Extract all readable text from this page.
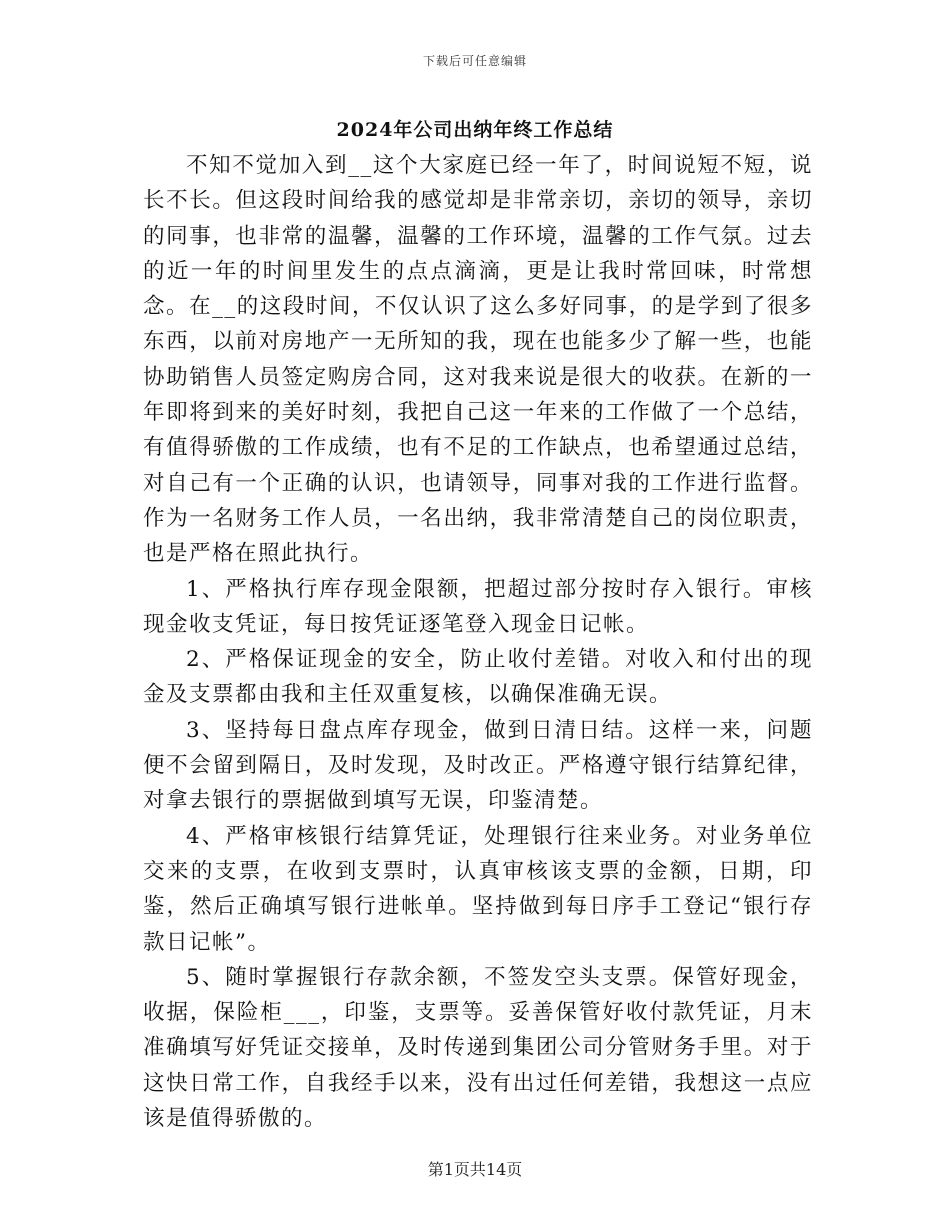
下载后可任意编辑
2024年公司出纳年终工作总结

不知不觉加入到__这个大家庭已经一年了，时间说短不短，说长不长。但这段时间给我的感觉却是非常亲切，亲切的领导，亲切的同事，也非常的温馨，温馨的工作环境，温馨的工作气氛。过去的近一年的时间里发生的点点滴滴，更是让我时常回味，时常想念。在__的这段时间，不仅认识了这么多好同事，的是学到了很多东西，以前对房地产一无所知的我，现在也能多少了解一些，也能协助销售人员签定购房合同，这对我来说是很大的收获。在新的一年即将到来的美好时刻，我把自己这一年来的工作做了一个总结，有值得骄傲的工作成绩，也有不足的工作缺点，也希望通过总结，对自己有一个正确的认识，也请领导，同事对我的工作进行监督。作为一名财务工作人员，一名出纳，我非常清楚自己的岗位职责，也是严格在照此执行。

1、严格执行库存现金限额，把超过部分按时存入银行。审核现金收支凭证，每日按凭证逐笔登入现金日记帐。

2、严格保证现金的安全，防止收付差错。对收入和付出的现金及支票都由我和主任双重复核，以确保准确无误。

3、坚持每日盘点库存现金，做到日清日结。这样一来，问题便不会留到隔日，及时发现，及时改正。严格遵守银行结算纪律，对拿去银行的票据做到填写无误，印鉴清楚。

4、严格审核银行结算凭证，处理银行往来业务。对业务单位交来的支票，在收到支票时，认真审核该支票的金额，日期，印鉴，然后正确填写银行进帐单。坚持做到每日序手工登记“银行存款日记帐”。

5、随时掌握银行存款余额，不签发空头支票。保管好现金，收据，保险柜___，印鉴，支票等。妥善保管好收付款凭证，月末准确填写好凭证交接单，及时传递到集团公司分管财务手里。对于这快日常工作，自我经手以来，没有出过任何差错，我想这一点应该是值得骄傲的。

第1页共14页
